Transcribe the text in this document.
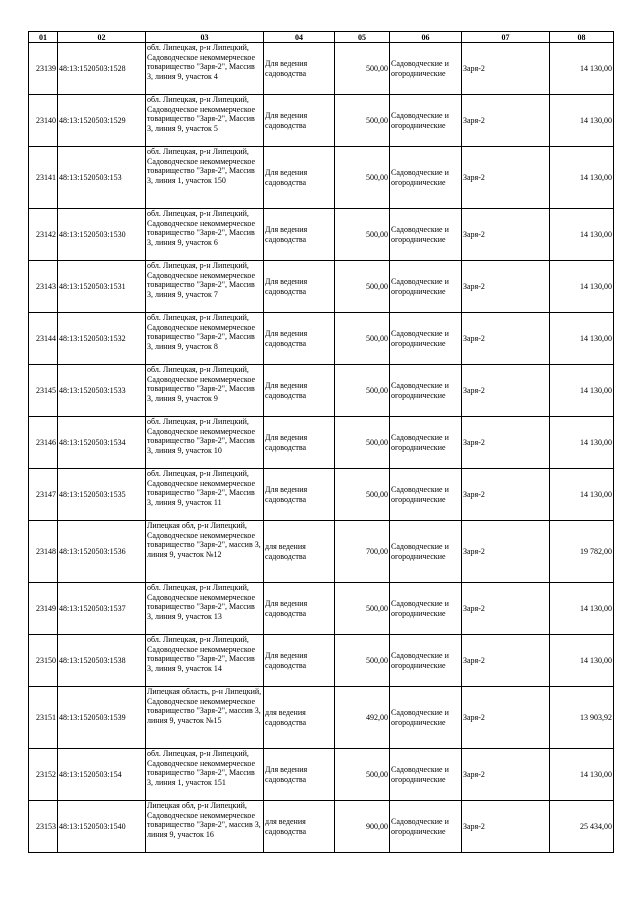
01	02	03	04	05	06	07	08
23139	48:13:1520503:1528	обл. Липецкая, р-н Липецкий, Садоводческое некоммерческое товарищество "Заря-2", Массив 3, линия 9, участок 4	Для ведения садоводства	500,00	Садоводческие и огороднические	Заря-2	14 130,00
23140	48:13:1520503:1529	обл. Липецкая, р-н Липецкий, Садоводческое некоммерческое товарищество "Заря-2", Массив 3, линия 9, участок 5	Для ведения садоводства	500,00	Садоводческие и огороднические	Заря-2	14 130,00
23141	48:13:1520503:153	обл. Липецкая, р-н Липецкий, Садоводческое некоммерческое товарищество "Заря-2", Массив 3, линия 1, участок 150	Для ведения садоводства	500,00	Садоводческие и огороднические	Заря-2	14 130,00
23142	48:13:1520503:1530	обл. Липецкая, р-н Липецкий, Садоводческое некоммерческое товарищество "Заря-2", Массив 3, линия 9, участок 6	Для ведения садоводства	500,00	Садоводческие и огороднические	Заря-2	14 130,00
23143	48:13:1520503:1531	обл. Липецкая, р-н Липецкий, Садоводческое некоммерческое товарищество "Заря-2", Массив 3, линия 9, участок 7	Для ведения садоводства	500,00	Садоводческие и огороднические	Заря-2	14 130,00
23144	48:13:1520503:1532	обл. Липецкая, р-н Липецкий, Садоводческое некоммерческое товарищество "Заря-2", Массив 3, линия 9, участок 8	Для ведения садоводства	500,00	Садоводческие и огороднические	Заря-2	14 130,00
23145	48:13:1520503:1533	обл. Липецкая, р-н Липецкий, Садоводческое некоммерческое товарищество "Заря-2", Массив 3, линия 9, участок 9	Для ведения садоводства	500,00	Садоводческие и огороднические	Заря-2	14 130,00
23146	48:13:1520503:1534	обл. Липецкая, р-н Липецкий, Садоводческое некоммерческое товарищество "Заря-2", Массив 3, линия 9, участок 10	Для ведения садоводства	500,00	Садоводческие и огороднические	Заря-2	14 130,00
23147	48:13:1520503:1535	обл. Липецкая, р-н Липецкий, Садоводческое некоммерческое товарищество "Заря-2", Массив 3, линия 9, участок 11	Для ведения садоводства	500,00	Садоводческие и огороднические	Заря-2	14 130,00
23148	48:13:1520503:1536	Липецкая обл, р-н Липецкий, Садоводческое некоммерческое товарищество "Заря-2", массив 3, линия 9, участок №12	для ведения садоводства	700,00	Садоводческие и огороднические	Заря-2	19 782,00
23149	48:13:1520503:1537	обл. Липецкая, р-н Липецкий, Садоводческое некоммерческое товарищество "Заря-2", Массив 3, линия 9, участок 13	Для ведения садоводства	500,00	Садоводческие и огороднические	Заря-2	14 130,00
23150	48:13:1520503:1538	обл. Липецкая, р-н Липецкий, Садоводческое некоммерческое товарищество "Заря-2", Массив 3, линия 9, участок 14	Для ведения садоводства	500,00	Садоводческие и огороднические	Заря-2	14 130,00
23151	48:13:1520503:1539	Липецкая область, р-н Липецкий, Садоводческое некоммерческое товарищество "Заря-2", массив 3, линия 9, участок №15	для ведения садоводства	492,00	Садоводческие и огороднические	Заря-2	13 903,92
23152	48:13:1520503:154	обл. Липецкая, р-н Липецкий, Садоводческое некоммерческое товарищество "Заря-2", Массив 3, линия 1, участок 151	Для ведения садоводства	500,00	Садоводческие и огороднические	Заря-2	14 130,00
23153	48:13:1520503:1540	Липецкая обл, р-н Липецкий, Садоводческое некоммерческое товарищество "Заря-2", массив 3, линия 9, участок 16	для ведения садоводства	900,00	Садоводческие и огороднические	Заря-2	25 434,00
